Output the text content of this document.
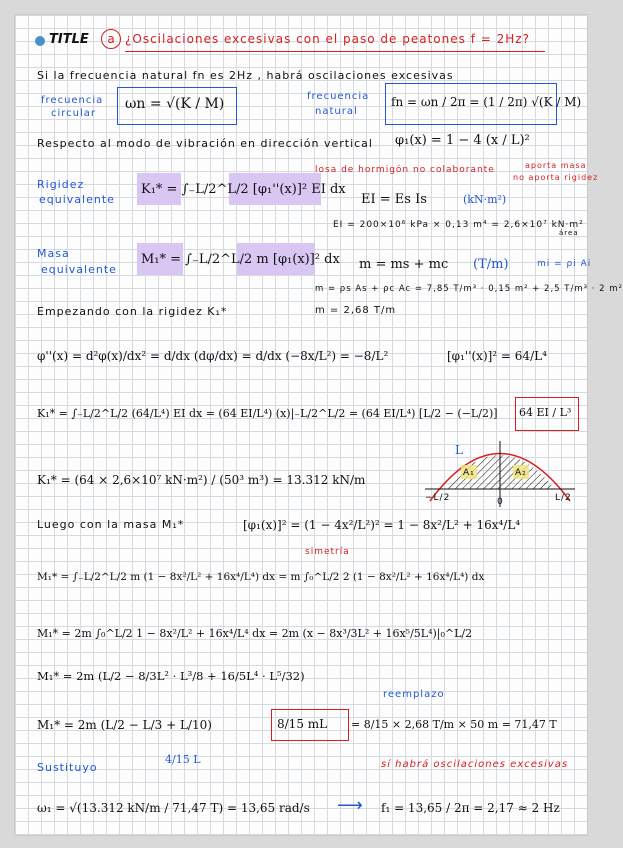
TITLE	a ¿Oscilaciones excesivas con el paso de peatones f = 2Hz?
Si la frecuencia natural fn es 2Hz , habrá oscilaciones excesivas
frecuencia
circular
ωn = √(K / M)	frecuencia
natural
fn = ωn / 2π = (1 / 2π) √(K / M)
Respecto al modo de vibración en dirección vertical φ₁(x) = 1 − 4 (x / L)²
Rigidez
equivalente
K₁* = ∫₋L/2^L/2 [φ₁''(x)]² EI dx
losa de hormigón no colaborante	aporta masa
no aporta rigidez
EI = Es Is	(kN·m²)
EI = 200×10⁶ kPa × 0,13 m⁴ = 2,6×10⁷ kN·m²
Masa
equivalente
M₁* = ∫₋L/2^L/2 m [φ₁(x)]² dx
área
m = ms + mc (T/m)	mi = ρi Ai
m = ρs As + ρc Ac = 7,85 T/m³ · 0,15 m² + 2,5 T/m³ · 2 m²
m = 2,68 T/m
Empezando con la rigidez K₁*
φ''(x) = d²φ(x)/dx² = d/dx (dφ/dx) = d/dx (−8x/L²) = −8/L²	[φ₁''(x)]² = 64/L⁴
K₁* = ∫₋L/2^L/2 (64/L⁴) EI dx = (64 EI/L⁴) (x)|₋L/2^L/2 = (64 EI/L⁴) [L/2 − (−L/2)] 64 EI / L³
L
K₁* = (64 × 2,6×10⁷ kN·m²) / (50³ m³) = 13.312 kN/m
−L/2	L/2
0
A₁	A₂
Luego con la masa M₁*	[φ₁(x)]² = (1 − 4x²/L²)² = 1 − 8x²/L² + 16x⁴/L⁴
simetría
M₁* = ∫₋L/2^L/2 m (1 − 8x²/L² + 16x⁴/L⁴) dx = m ∫₀^L/2 2 (1 − 8x²/L² + 16x⁴/L⁴) dx
M₁* = 2m ∫₀^L/2 1 − 8x²/L² + 16x⁴/L⁴ dx = 2m (x − 8x³/3L² + 16x⁵/5L⁴)|₀^L/2
M₁* = 2m (L/2 − 8/3L² · L³/8 + 16/5L⁴ · L⁵/32)
reemplazo
M₁* = 2m (L/2 − L/3 + L/10)	8/15 mL = 8/15 × 2,68 T/m × 50 m = 71,47 T
4/15 L
Sustituyo	sí habrá oscilaciones excesivas
ω₁ = √(13.312 kN/m / 71,47 T) = 13,65 rad/s ⟶ f₁ = 13,65 / 2π = 2,17 ≈ 2 Hz
